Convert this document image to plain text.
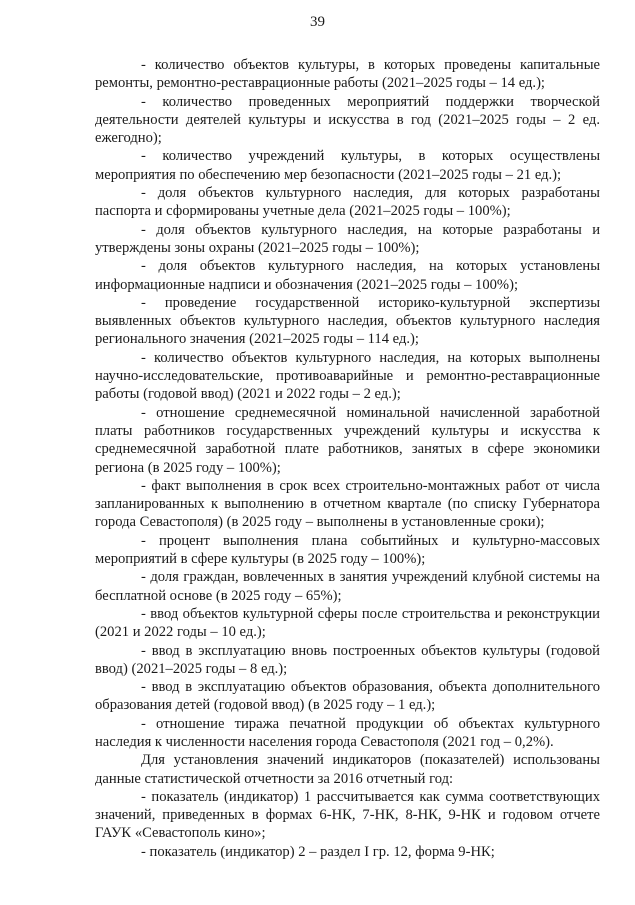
39

- количество объектов культуры, в которых проведены капитальные ремонты, ремонтно-реставрационные работы (2021–2025 годы – 14 ед.);

- количество проведенных мероприятий поддержки творческой деятельности деятелей культуры и искусства в год (2021–2025 годы – 2 ед. ежегодно);

- количество учреждений культуры, в которых осуществлены мероприятия по обеспечению мер безопасности (2021–2025 годы – 21 ед.);

- доля объектов культурного наследия, для которых разработаны паспорта и сформированы учетные дела (2021–2025 годы – 100%);

- доля объектов культурного наследия, на которые разработаны и утверждены зоны охраны (2021–2025 годы – 100%);

- доля объектов культурного наследия, на которых установлены информационные надписи и обозначения (2021–2025 годы – 100%);

- проведение государственной историко-культурной экспертизы выявленных объектов культурного наследия, объектов культурного наследия регионального значения (2021–2025 годы – 114 ед.);

- количество объектов культурного наследия, на которых выполнены научно-исследовательские, противоаварийные и ремонтно-реставрационные работы (годовой ввод) (2021 и 2022 годы – 2 ед.);

- отношение среднемесячной номинальной начисленной заработной платы работников государственных учреждений культуры и искусства к среднемесячной заработной плате работников, занятых в сфере экономики региона (в 2025 году – 100%);

- факт выполнения в срок всех строительно-монтажных работ от числа запланированных к выполнению в отчетном квартале (по списку Губернатора города Севастополя) (в 2025 году – выполнены в установленные сроки);

- процент выполнения плана событийных и культурно-массовых мероприятий в сфере культуры (в 2025 году – 100%);

- доля граждан, вовлеченных в занятия учреждений клубной системы на бесплатной основе (в 2025 году – 65%);

- ввод объектов культурной сферы после строительства и реконструкции (2021 и 2022 годы – 10 ед.);

- ввод в эксплуатацию вновь построенных объектов культуры (годовой ввод) (2021–2025 годы – 8 ед.);

- ввод в эксплуатацию объектов образования, объекта дополнительного образования детей (годовой ввод) (в 2025 году – 1 ед.);

- отношение тиража печатной продукции об объектах культурного наследия к численности населения города Севастополя (2021 год – 0,2%).

Для установления значений индикаторов (показателей) использованы данные статистической отчетности за 2016 отчетный год:

- показатель (индикатор) 1 рассчитывается как сумма соответствующих значений, приведенных в формах 6-НК, 7-НК, 8-НК, 9-НК и годовом отчете ГАУК «Севастополь кино»;

- показатель (индикатор) 2 – раздел I гр. 12, форма 9-НК;
